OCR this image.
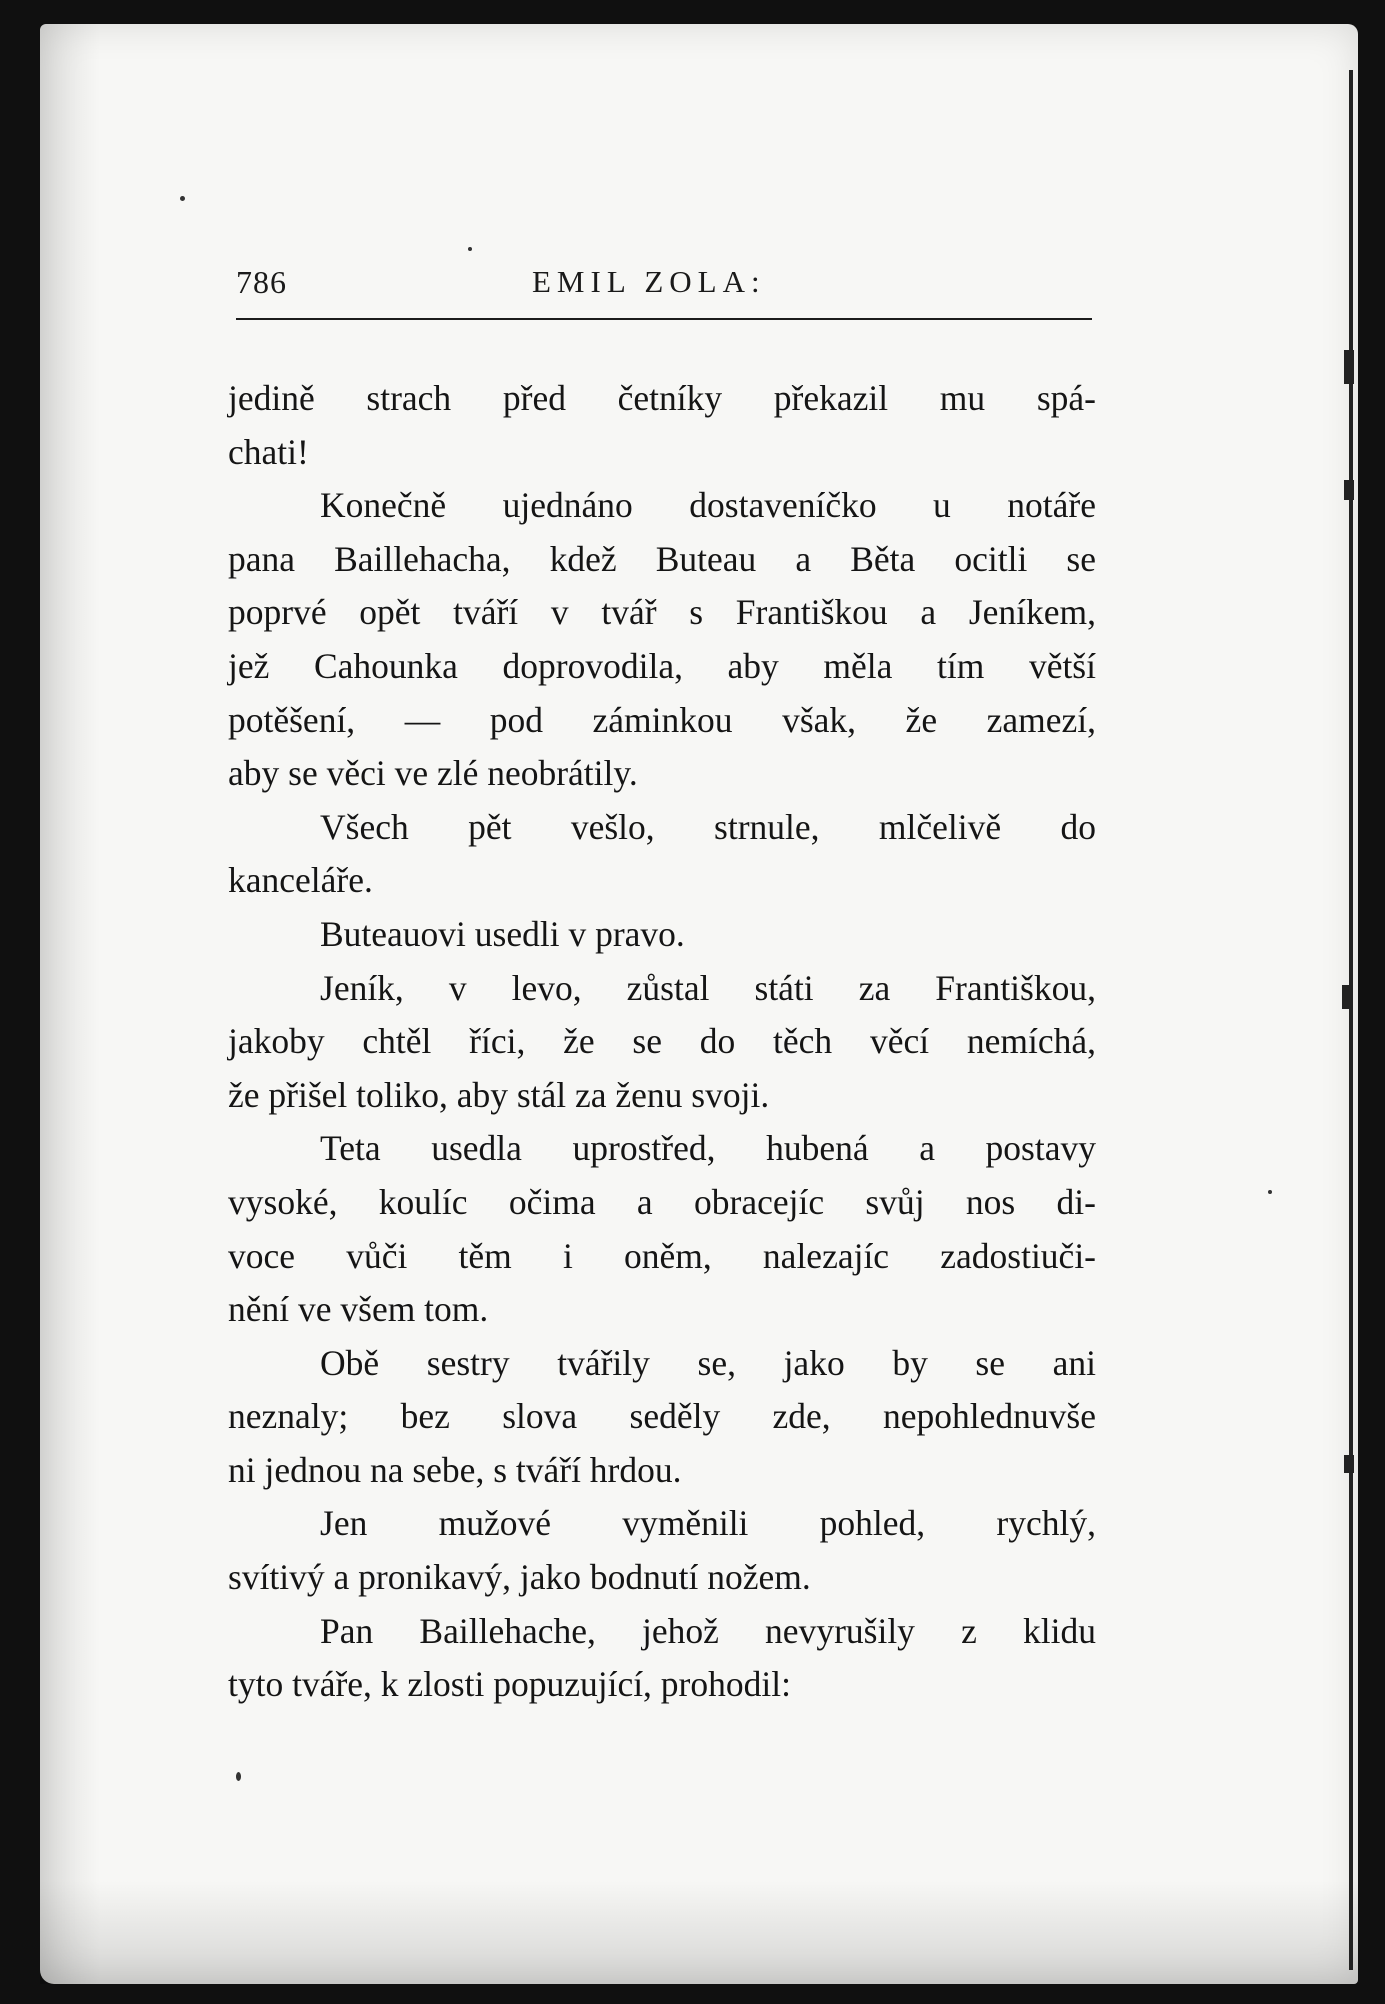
786	EMIL ZOLA:
jedině strach před četníky překazil mu spá-
chati!
Konečně ujednáno dostaveníčko u notáře
pana Baillehacha, kdež Buteau a Běta ocitli se
poprvé opět tváří v tvář s Františkou a Jeníkem,
jež Cahounka doprovodila, aby měla tím větší
potěšení, — pod záminkou však, že zamezí,
aby se věci ve zlé neobrátily.
Všech pět vešlo, strnule, mlčelivě do
kanceláře.
Buteauovi usedli v pravo.
Jeník, v levo, zůstal státi za Františkou,
jakoby chtěl říci, že se do těch věcí nemíchá,
že přišel toliko, aby stál za ženu svoji.
Teta usedla uprostřed, hubená a postavy
vysoké, koulíc očima a obracejíc svůj nos di-
voce vůči těm i oněm, nalezajíc zadostiuči-
nění ve všem tom.
Obě sestry tvářily se, jako by se ani
neznaly; bez slova seděly zde, nepohlednuvše
ni jednou na sebe, s tváří hrdou.
Jen mužové vyměnili pohled, rychlý,
svítivý a pronikavý, jako bodnutí nožem.
Pan Baillehache, jehož nevyrušily z klidu
tyto tváře, k zlosti popuzující, prohodil:
